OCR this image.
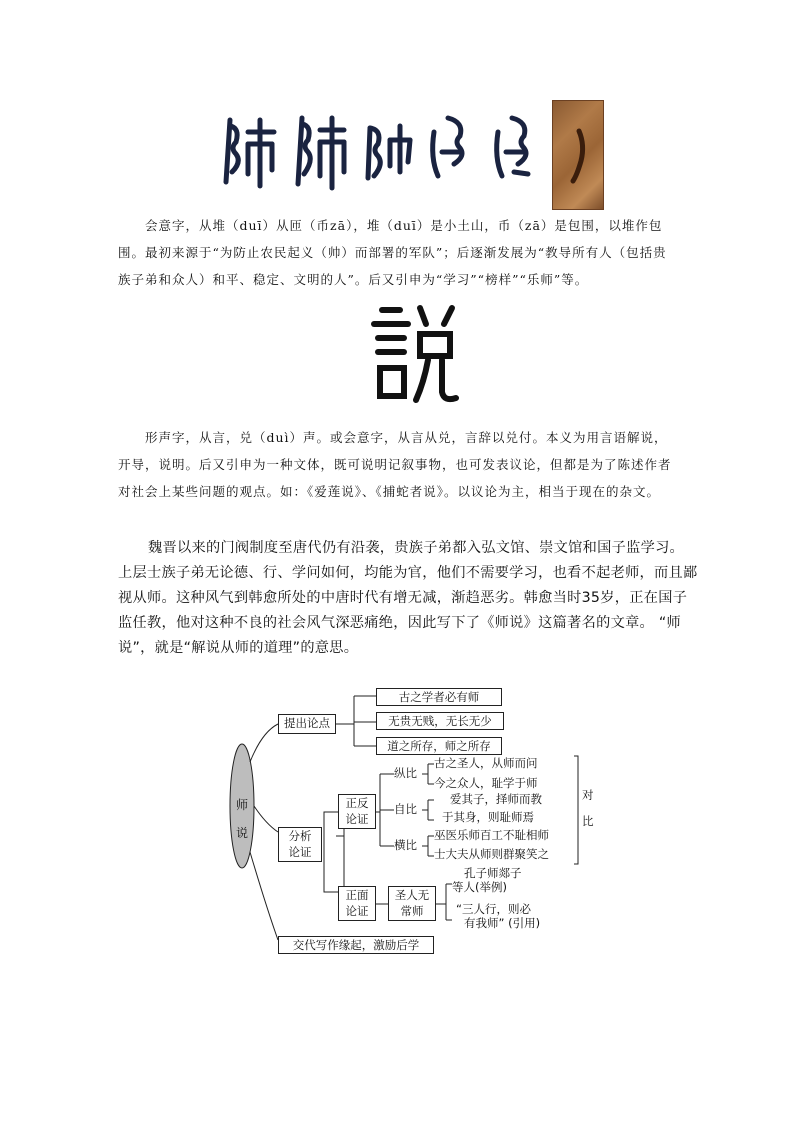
会意字，从堆（duī）从匝（币zā），堆（duī）是小土山，币（zā）是包围，以堆作包围。最初来源于“为防止农民起义（帅）而部署的军队”；后逐渐发展为“教导所有人（包括贵族子弟和众人）和平、稳定、文明的人”。后又引申为“学习”“榜样”“乐师”等。

形声字，从言，兑（duì）声。或会意字，从言从兑，言辞以兑付。本义为用言语解说，开导，说明。后又引申为一种文体，既可说明记叙事物，也可发表议论，但都是为了陈述作者对社会上某些问题的观点。如：《爱莲说》、《捕蛇者说》。以议论为主，相当于现在的杂文。

魏晋以来的门阀制度至唐代仍有沿袭，贵族子弟都入弘文馆、崇文馆和国子监学习。上层士族子弟无论德、行、学问如何，均能为官，他们不需要学习，也看不起老师，而且鄙视从师。这种风气到韩愈所处的中唐时代有增无减，渐趋恶劣。韩愈当时35岁，正在国子监任教，他对这种不良的社会风气深恶痛绝，因此写下了《师说》这篇著名的文章。 “师说”，就是“解说从师的道理”的意思。

师
说
提出论点
古之学者必有师
无贵无贱，无长无少
道之所存，师之所存
分析
论证
正反
论证
纵比
古之圣人，从师而问
今之众人，耻学于师
自比
爱其子，择师而教
于其身，则耻师焉
横比
巫医乐师百工不耻相师
士大夫从师则群聚笑之
对
比
正面
论证
圣人无
常师
孔子师郯子
等人(举例)
“三人行，则必
有我师” (引用)
交代写作缘起，激励后学
